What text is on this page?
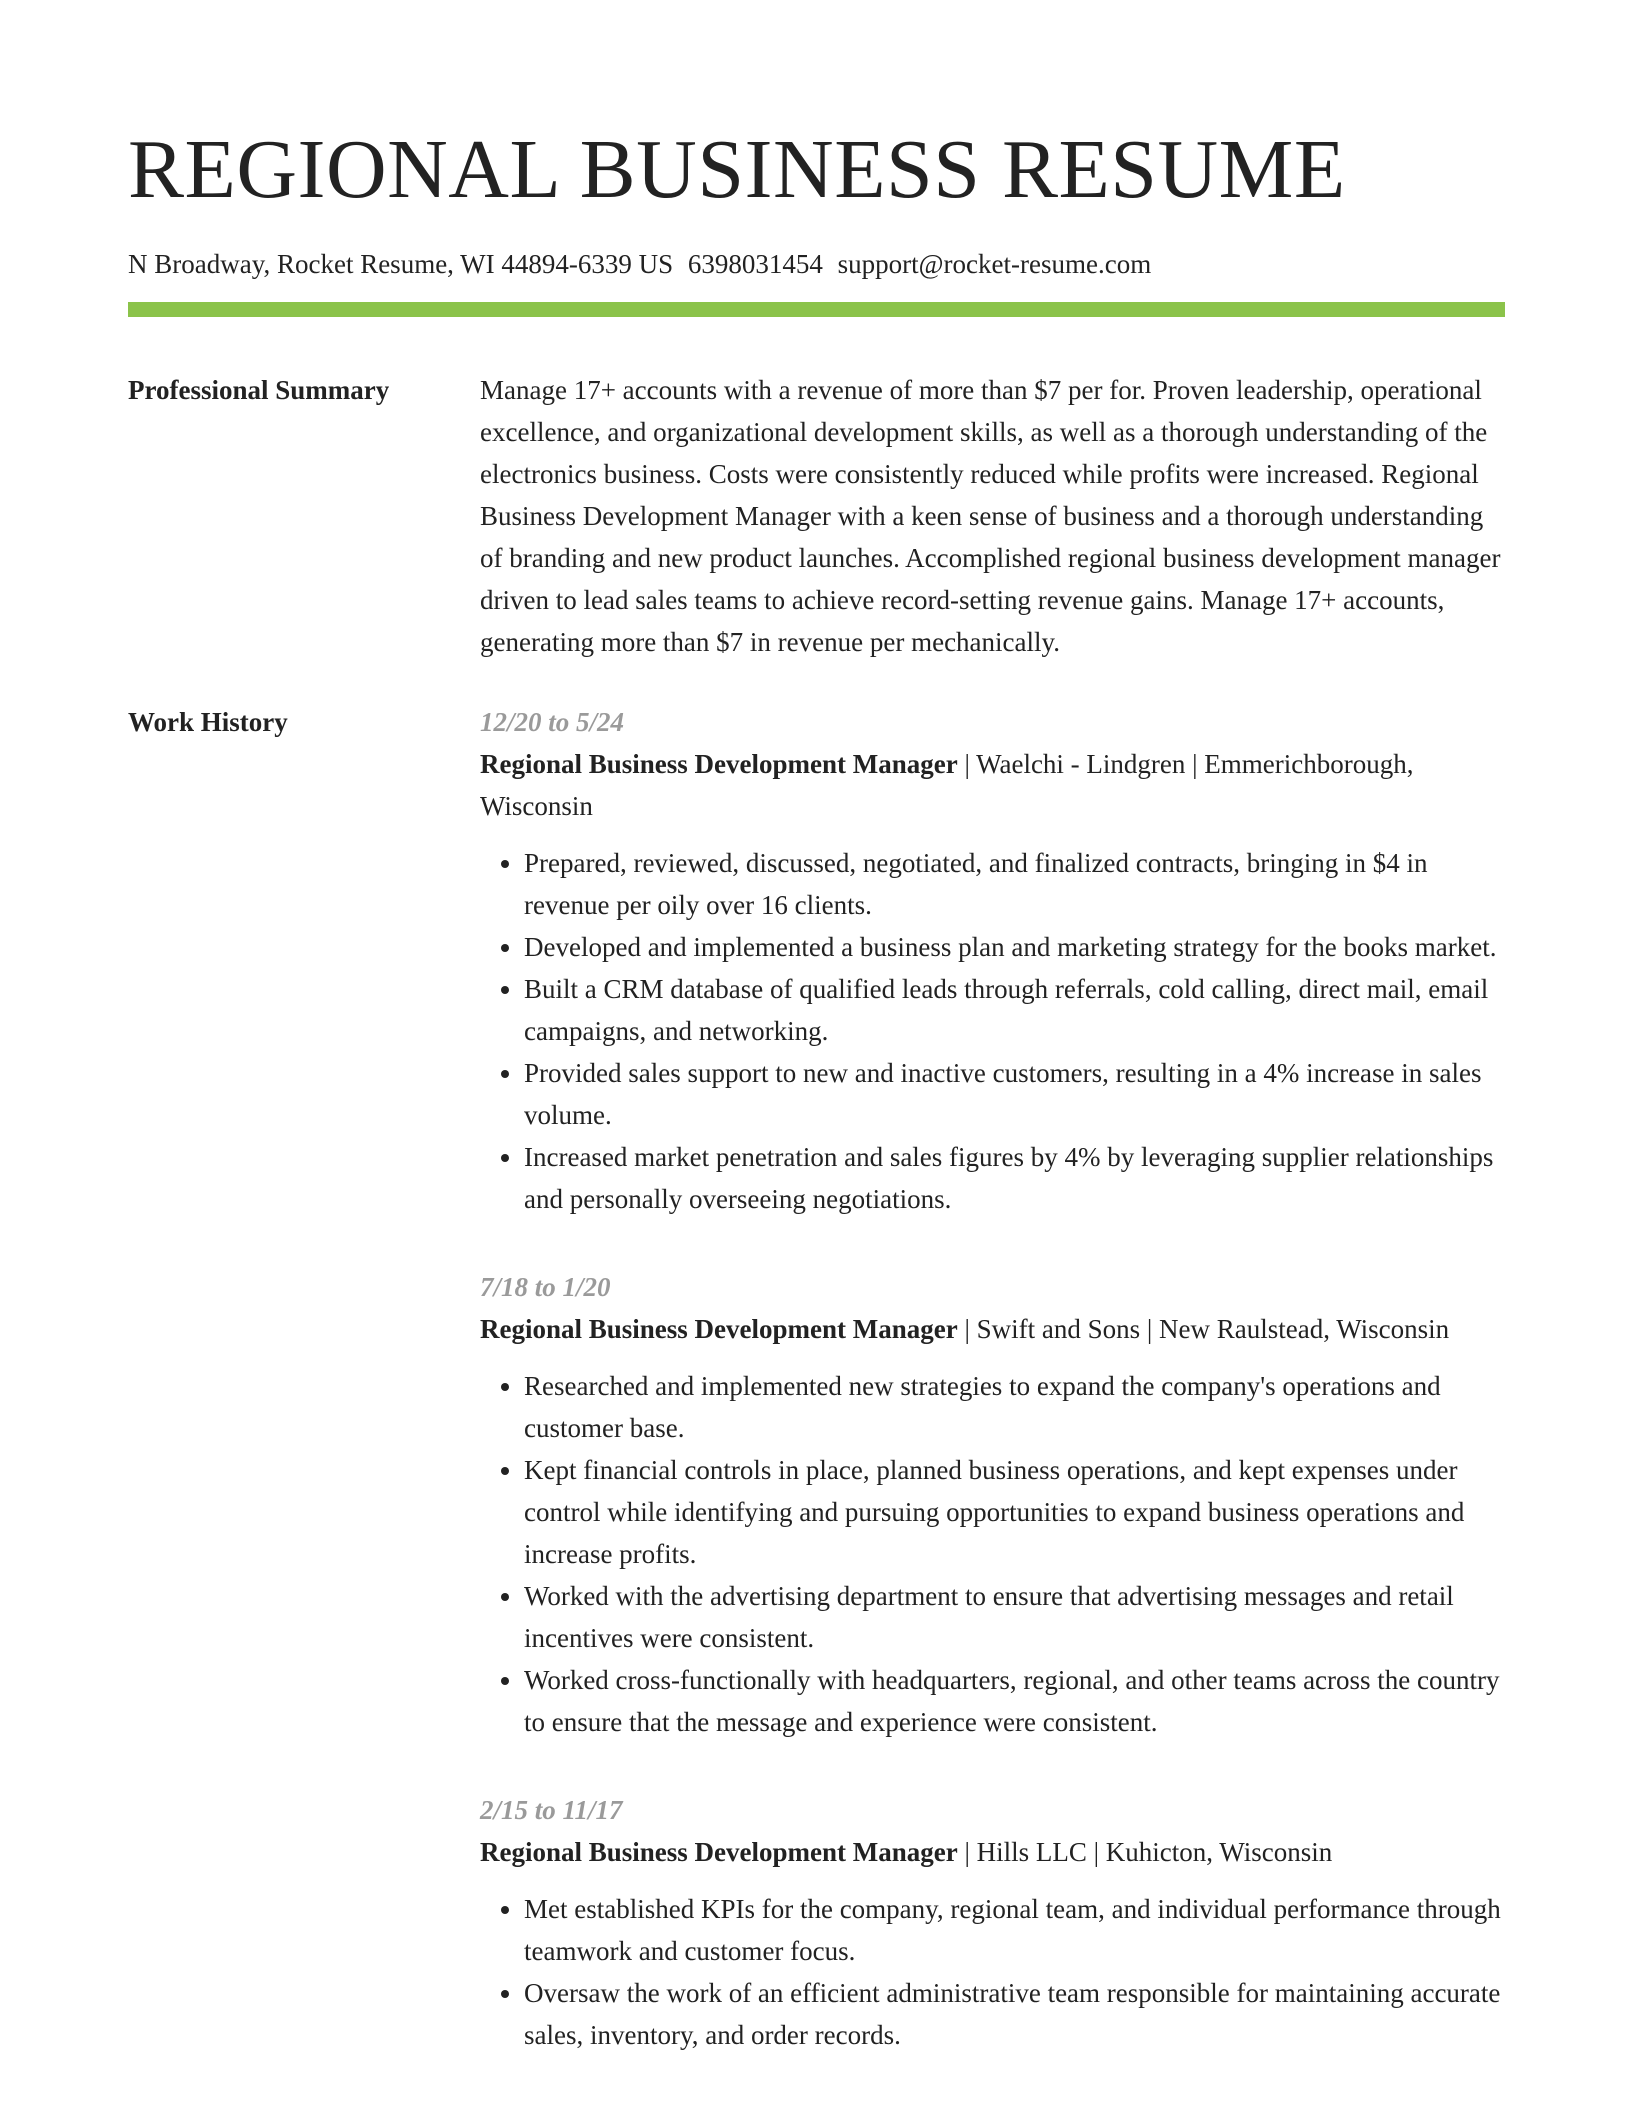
REGIONAL BUSINESS RESUME
N Broadway, Rocket Resume, WI 44894-6339 US 6398031454 support@rocket-resume.com
Professional Summary	Manage 17+ accounts with a revenue of more than $7 per for. Proven leadership, operational excellence, and organizational development skills, as well as a thorough understanding of the electronics business. Costs were consistently reduced while profits were increased. Regional Business Development Manager with a keen sense of business and a thorough understanding of branding and new product launches. Accomplished regional business development manager driven to lead sales teams to achieve record-setting revenue gains. Manage 17+ accounts, generating more than $7 in revenue per mechanically.

Work History	12/20 to 5/24

Regional Business Development Manager | Waelchi - Lindgren | Emmerichborough, Wisconsin

• Prepared, reviewed, discussed, negotiated, and finalized contracts, bringing in $4 in revenue per oily over 16 clients.
• Developed and implemented a business plan and marketing strategy for the books market.
• Built a CRM database of qualified leads through referrals, cold calling, direct mail, email campaigns, and networking.
• Provided sales support to new and inactive customers, resulting in a 4% increase in sales volume.
• Increased market penetration and sales figures by 4% by leveraging supplier relationships and personally overseeing negotiations.
7/18 to 1/20

Regional Business Development Manager | Swift and Sons | New Raulstead, Wisconsin

• Researched and implemented new strategies to expand the company's operations and customer base.
• Kept financial controls in place, planned business operations, and kept expenses under control while identifying and pursuing opportunities to expand business operations and increase profits.
• Worked with the advertising department to ensure that advertising messages and retail incentives were consistent.
• Worked cross-functionally with headquarters, regional, and other teams across the country to ensure that the message and experience were consistent.
2/15 to 11/17

Regional Business Development Manager | Hills LLC | Kuhicton, Wisconsin

• Met established KPIs for the company, regional team, and individual performance through teamwork and customer focus.
• Oversaw the work of an efficient administrative team responsible for maintaining accurate sales, inventory, and order records.
